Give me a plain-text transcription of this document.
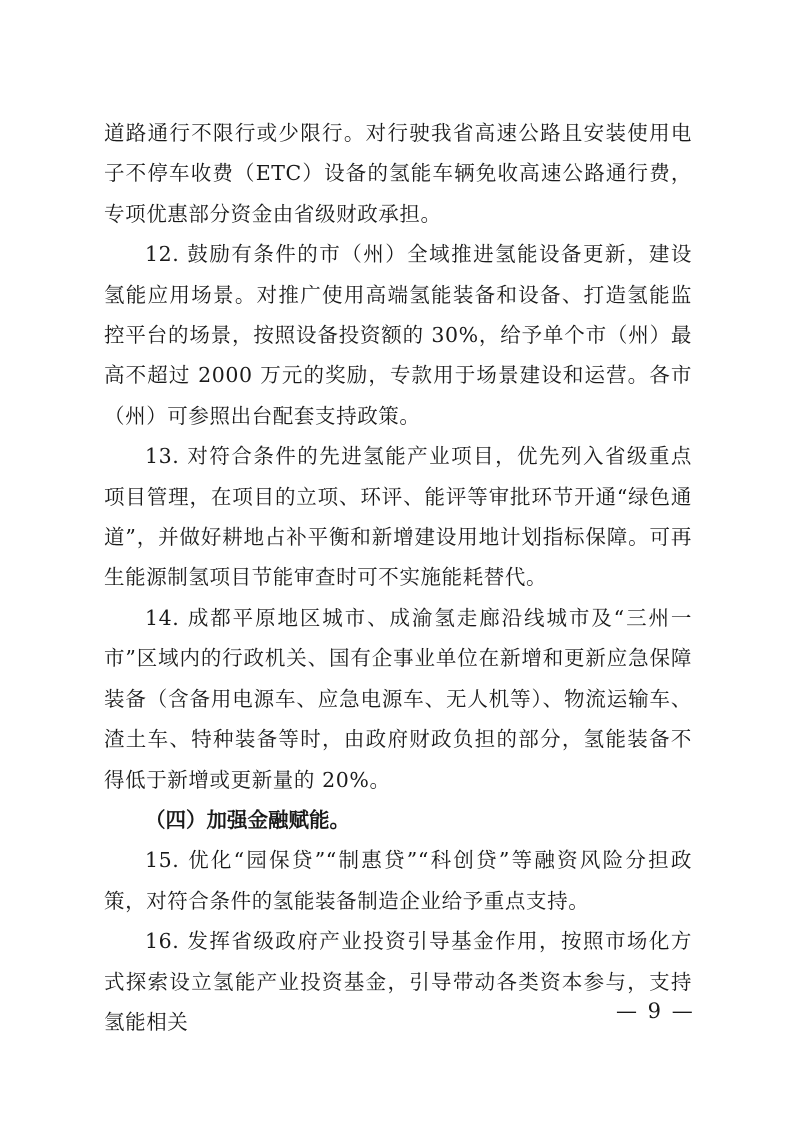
道路通行不限行或少限行。对行驶我省高速公路且安装使用电子不停车收费（ETC）设备的氢能车辆免收高速公路通行费，专项优惠部分资金由省级财政承担。

12. 鼓励有条件的市（州）全域推进氢能设备更新，建设氢能应用场景。对推广使用高端氢能装备和设备、打造氢能监控平台的场景，按照设备投资额的 30%，给予单个市（州）最高不超过 2000 万元的奖励，专款用于场景建设和运营。各市（州）可参照出台配套支持政策。

13. 对符合条件的先进氢能产业项目，优先列入省级重点项目管理，在项目的立项、环评、能评等审批环节开通“绿色通道”，并做好耕地占补平衡和新增建设用地计划指标保障。可再生能源制氢项目节能审查时可不实施能耗替代。

14. 成都平原地区城市、成渝氢走廊沿线城市及“三州一市”区域内的行政机关、国有企事业单位在新增和更新应急保障装备（含备用电源车、应急电源车、无人机等）、物流运输车、渣土车、特种装备等时，由政府财政负担的部分，氢能装备不得低于新增或更新量的 20%。

（四）加强金融赋能。

15. 优化“园保贷”“制惠贷”“科创贷”等融资风险分担政策，对符合条件的氢能装备制造企业给予重点支持。

16. 发挥省级政府产业投资引导基金作用，按照市场化方式探索设立氢能产业投资基金，引导带动各类资本参与，支持氢能相关	— 9 —
